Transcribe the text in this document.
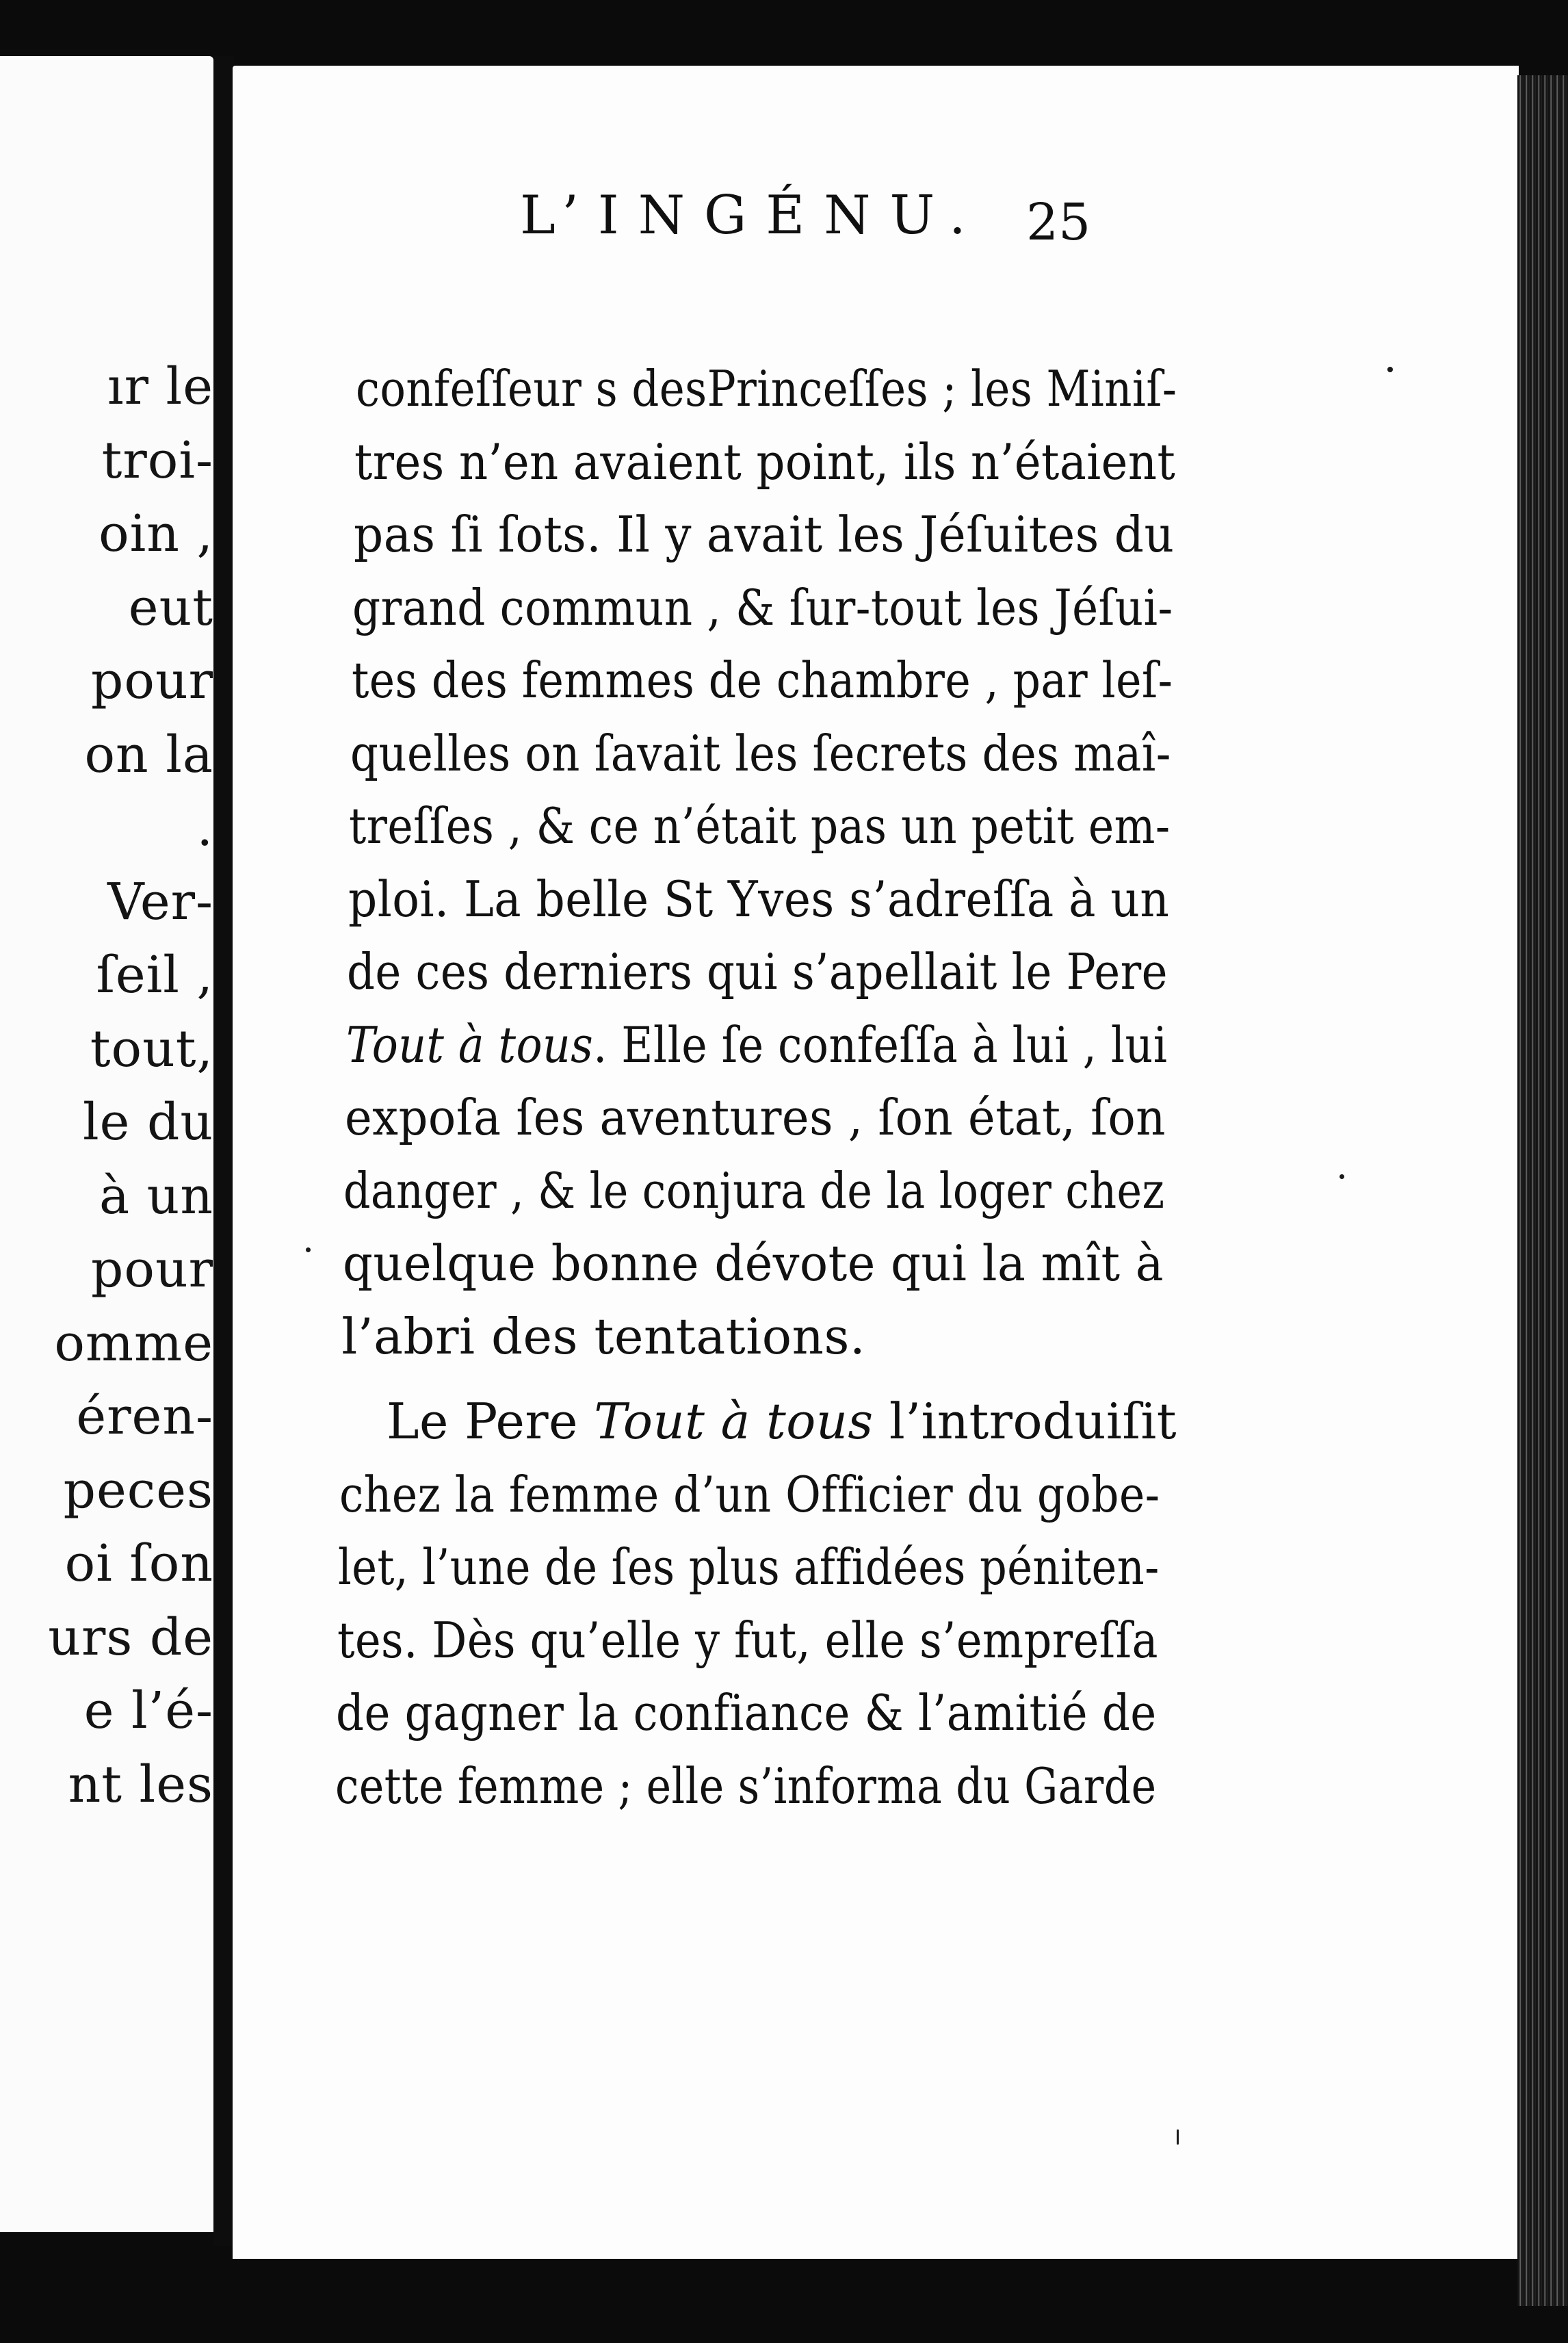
ır le
troi-
oin ,
eut
pour
on la
.
Ver-
ſeil ,
tout,
le du
à un
pour
omme
éren-
peces
oi ſon
urs de
e l’é-
nt les
confeſſeur s desPrinceſſes ; les Miniſ-
tres n’en avaient point, ils n’étaient
pas ſi ſots. Il y avait les Jéſuites du
grand commun , & ſur-tout les Jéſui-
tes des femmes de chambre , par leſ-
quelles on ſavait les ſecrets des maî-
treſſes , & ce n’était pas un petit em-
ploi. La belle St Yves s’adreſſa à un
de ces derniers qui s’apellait le Pere
Tout à tous. Elle ſe confeſſa à lui , lui
expoſa ſes aventures , ſon état, ſon
danger , & le conjura de la loger chez
quelque bonne dévote qui la mît à
l’abri des tentations.
Le Pere Tout à tous l’introduiſit
chez la femme d’un Officier du gobe-
let, l’une de ſes plus affidées péniten-
tes. Dès qu’elle y fut, elle s’empreſſa
de gagner la confiance & l’amitié de
cette femme ; elle s’informa du Garde
L’INGÉNU. 25
